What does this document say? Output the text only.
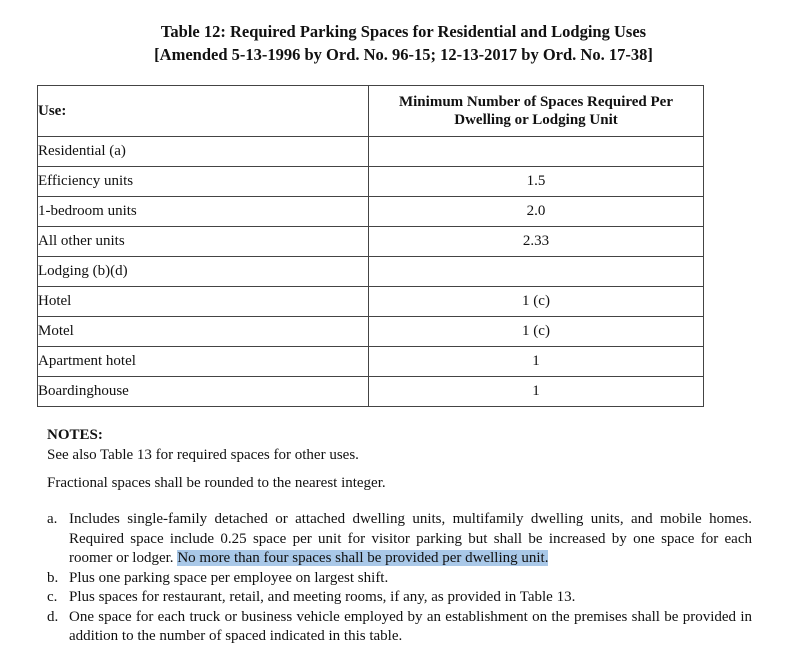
Table 12: Required Parking Spaces for Residential and Lodging Uses
[Amended 5-13-1996 by Ord. No. 96-15; 12-13-2017 by Ord. No. 17-38]
Use:	Minimum Number of Spaces Required Per Dwelling or Lodging Unit
Residential (a)	
Efficiency units	1.5
1-bedroom units	2.0
All other units	2.33
Lodging (b)(d)	
Hotel	1 (c)
Motel	1 (c)
Apartment hotel	1
Boardinghouse	1
NOTES:
See also Table 13 for required spaces for other uses.
Fractional spaces shall be rounded to the nearest integer.
a. Includes single-family detached or attached dwelling units, multifamily dwelling units, and mobile homes. Required space include 0.25 space per unit for visitor parking but shall be increased by one space for each roomer or lodger. No more than four spaces shall be provided per dwelling unit.
b. Plus one parking space per employee on largest shift.
c. Plus spaces for restaurant, retail, and meeting rooms, if any, as provided in Table 13.
d. One space for each truck or business vehicle employed by an establishment on the premises shall be provided in addition to the number of spaced indicated in this table.
